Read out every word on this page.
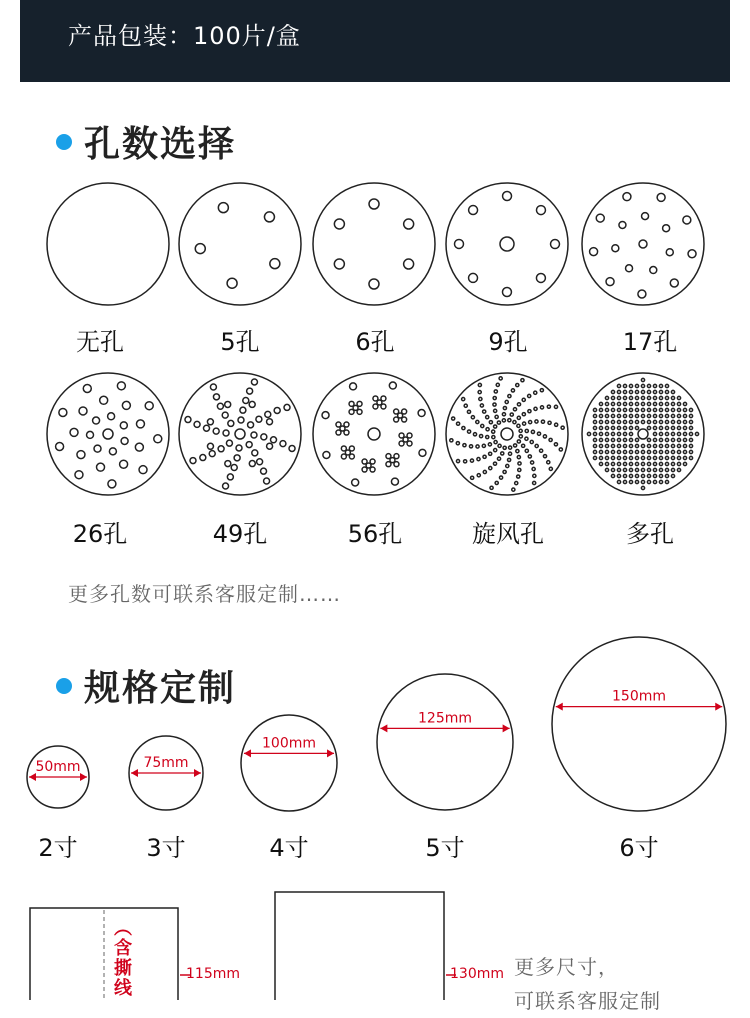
产品包装：100片/盒
孔数选择
50mm	75mm
100mm
125mm
150mm
无孔	5孔	6孔	9孔	17孔
26孔	49孔	56孔	旋风孔	多孔
更多孔数可联系客服定制……
规格定制
2寸	3寸	4寸	5寸	6寸
（含撕线	115mm	130mm 更多尺寸，
可联系客服定制
